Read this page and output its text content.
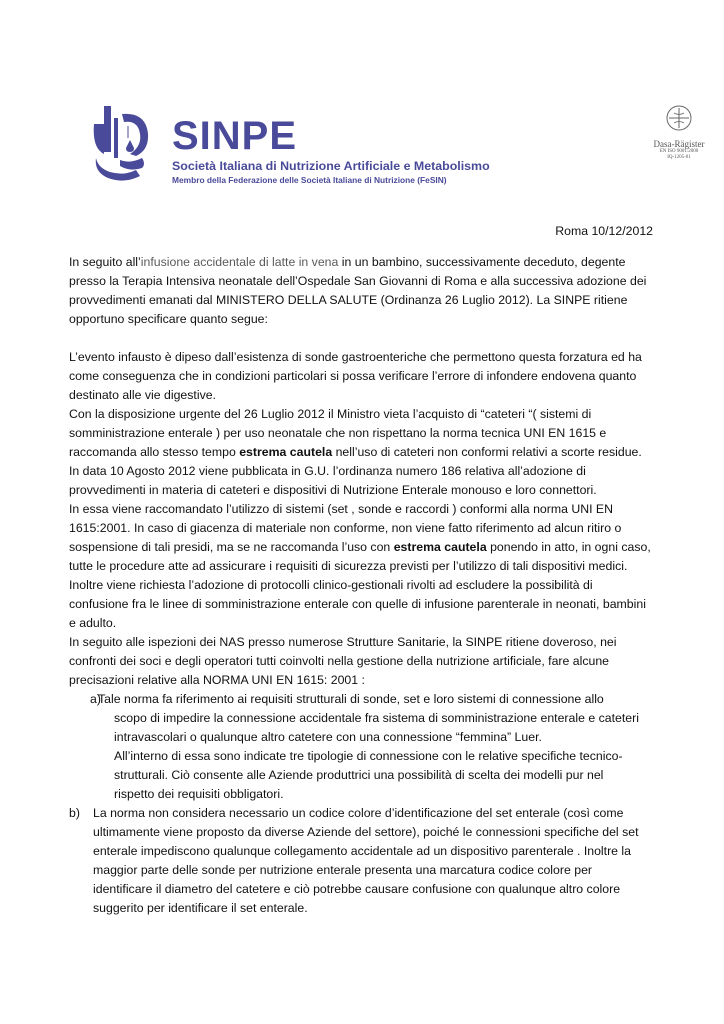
SINPE
Società Italiana di Nutrizione Artificiale e Metabolismo
Membro della Federazione delle Società Italiane di Nutrizione (FeSIN)
Dasa-Rägister
EN ISO 9001:2000
IQ-1205-01
Roma 10/12/2012
In seguito all’infusione accidentale di latte in vena in un bambino, successivamente deceduto, degente
presso la Terapia Intensiva neonatale dell’Ospedale San Giovanni di Roma e alla successiva adozione dei
provvedimenti emanati dal MINISTERO DELLA SALUTE (Ordinanza 26 Luglio 2012). La SINPE ritiene
opportuno specificare quanto segue:
L’evento infausto è dipeso dall’esistenza di sonde gastroenteriche che permettono questa forzatura ed ha
come conseguenza che in condizioni particolari si possa verificare l’errore di infondere endovena quanto
destinato alle vie digestive.
Con la disposizione urgente del 26 Luglio 2012 il Ministro vieta l’acquisto di “cateteri “( sistemi di
somministrazione enterale ) per uso neonatale che non rispettano la norma tecnica UNI EN 1615 e
raccomanda allo stesso tempo estrema cautela nell’uso di cateteri non conformi relativi a scorte residue.
In data 10 Agosto 2012 viene pubblicata in G.U. l’ordinanza numero 186 relativa all’adozione di
provvedimenti in materia di cateteri e dispositivi di Nutrizione Enterale monouso e loro connettori.
In essa viene raccomandato l’utilizzo di sistemi (set , sonde e raccordi ) conformi alla norma UNI EN
1615:2001. In caso di giacenza di materiale non conforme, non viene fatto riferimento ad alcun ritiro o
sospensione di tali presidi, ma se ne raccomanda l’uso con estrema cautela ponendo in atto, in ogni caso,
tutte le procedure atte ad assicurare i requisiti di sicurezza previsti per l’utilizzo di tali dispositivi medici.
Inoltre viene richiesta l’adozione di protocolli clinico-gestionali rivolti ad escludere la possibilità di
confusione fra le linee di somministrazione enterale con quelle di infusione parenterale in neonati, bambini
e adulto.
In seguito alle ispezioni dei NAS presso numerose Strutture Sanitarie, la SINPE ritiene doveroso, nei
confronti dei soci e degli operatori tutti coinvolti nella gestione della nutrizione artificiale, fare alcune
precisazioni relative alla NORMA UNI EN 1615: 2001 :
a)
Tale norma fa riferimento ai requisiti strutturali di sonde, set e loro sistemi di connessione allo
scopo di impedire la connessione accidentale fra sistema di somministrazione enterale e cateteri
intravascolari o qualunque altro catetere con una connessione “femmina” Luer.
All’interno di essa sono indicate tre tipologie di connessione con le relative specifiche tecnico-
strutturali. Ciò consente alle Aziende produttrici una possibilità di scelta dei modelli pur nel
rispetto dei requisiti obbligatori.
b) La norma non considera necessario un codice colore d’identificazione del set enterale (così come
ultimamente viene proposto da diverse Aziende del settore), poiché le connessioni specifiche del set
enterale impediscono qualunque collegamento accidentale ad un dispositivo parenterale . Inoltre la
maggior parte delle sonde per nutrizione enterale presenta una marcatura codice colore per
identificare il diametro del catetere e ciò potrebbe causare confusione con qualunque altro colore
suggerito per identificare il set enterale.
